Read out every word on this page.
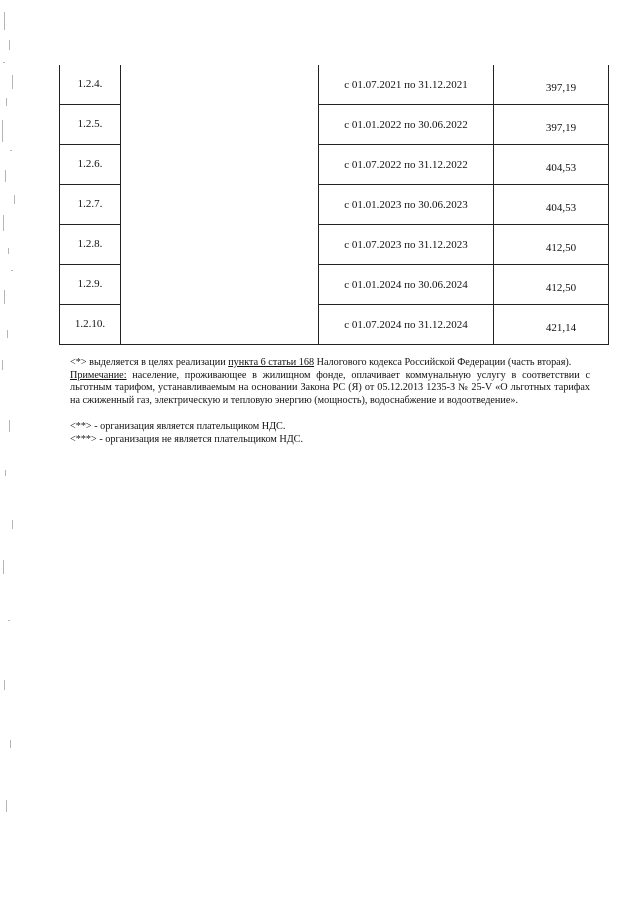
1.2.4.	с 01.07.2021 по 31.12.2021	397,19
1.2.5.	с 01.01.2022 по 30.06.2022	397,19
1.2.6.	с 01.07.2022 по 31.12.2022	404,53
1.2.7.	с 01.01.2023 по 30.06.2023	404,53
1.2.8.	с 01.07.2023 по 31.12.2023	412,50
1.2.9.	с 01.01.2024 по 30.06.2024	412,50
1.2.10.	с 01.07.2024 по 31.12.2024	421,14

<*> выделяется в целях реализации пункта 6 статьи 168 Налогового кодекса Российской Федерации (часть вторая).

Примечание: население, проживающее в жилищном фонде, оплачивает коммунальную услугу в соответствии с льготным тарифом, устанавливаемым на основании Закона РС (Я) от 05.12.2013 1235-З № 25-V «О льготных тарифах на сжиженный газ, электрическую и тепловую энергию (мощность), водоснабжение и водоотведение».

<**> - организация является плательщиком НДС.

<***> - организация не является плательщиком НДС.
